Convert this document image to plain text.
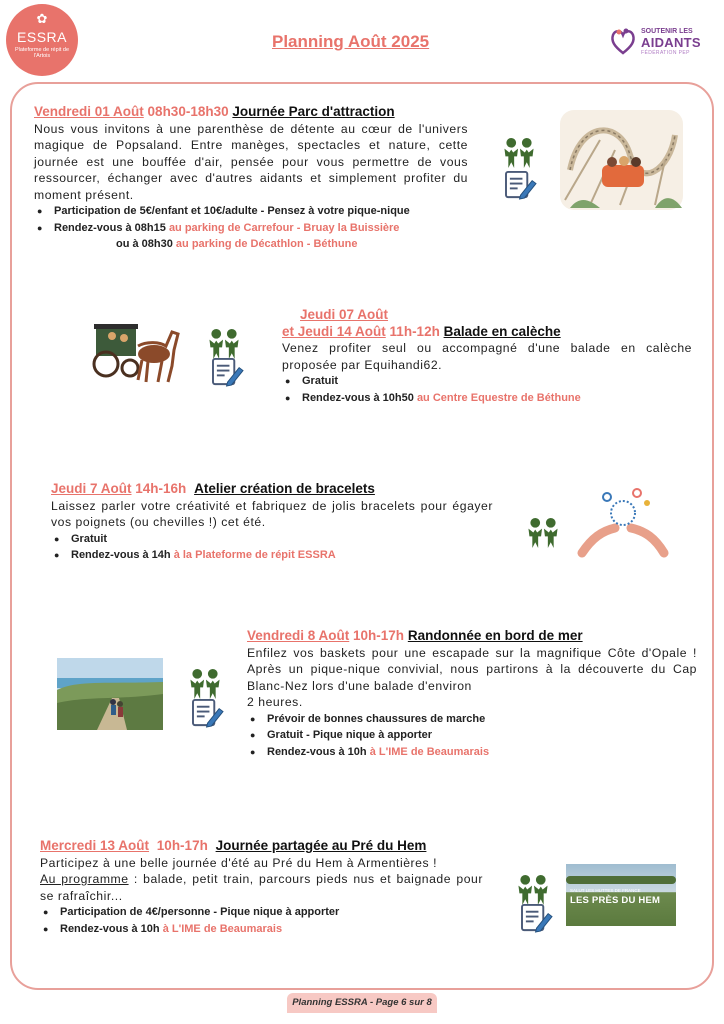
✿
ESSRA
Plateforme de répit de l'Artois
Planning Août 2025
SOUTENIR LES
AIDANTS
FÉDÉRATION PEP
Vendredi 01 Août 08h30-18h30 Journée Parc d'attraction

Nous vous invitons à une parenthèse de détente au cœur de l'univers magique de Popsaland. Entre manèges, spectacles et nature, cette journée est une bouffée d'air, pensée pour vous permettre de vous ressourcer, échanger avec d'autres aidants et simplement profiter du moment présent.

● Participation de 5€/enfant et 10€/adulte - Pensez à votre pique-nique
● Rendez-vous à 08h15 au parking de Carrefour - Bruay la Buissière
ou à 08h30 au parking de Décathlon - Béthune
Jeudi 07 Août
et Jeudi 14 Août 11h-12h Balade en calèche

Venez profiter seul ou accompagné d'une balade en calèche proposée par Equihandi62.

● Gratuit
● Rendez-vous à 10h50 au Centre Equestre de Béthune
Jeudi 7 Août 14h-16h Atelier création de bracelets

Laissez parler votre créativité et fabriquez de jolis bracelets pour égayer vos poignets (ou chevilles !) cet été.

● Gratuit
● Rendez-vous à 14h à la Plateforme de répit ESSRA
Vendredi 8 Août 10h-17h Randonnée en bord de mer

Enfilez vos baskets pour une escapade sur la magnifique Côte d'Opale ! Après un pique-nique convivial, nous partirons à la découverte du Cap Blanc-Nez lors d'une balade d'environ

2 heures.

● Prévoir de bonnes chaussures de marche
● Gratuit - Pique nique à apporter
● Rendez-vous à 10h à L'IME de Beaumarais
Mercredi 13 Août 10h-17h Journée partagée au Pré du Hem

Participez à une belle journée d'été au Pré du Hem à Armentières !

Au programme : balade, petit train, parcours pieds nus et baignade pour se rafraîchir...

● Participation de 4€/personne - Pique nique à apporter
● Rendez-vous à 10h à L'IME de Beaumarais
SALUT LES HUTTES DE FRANCE
LES PRÈS DU HEM
Planning ESSRA - Page 6 sur 8
